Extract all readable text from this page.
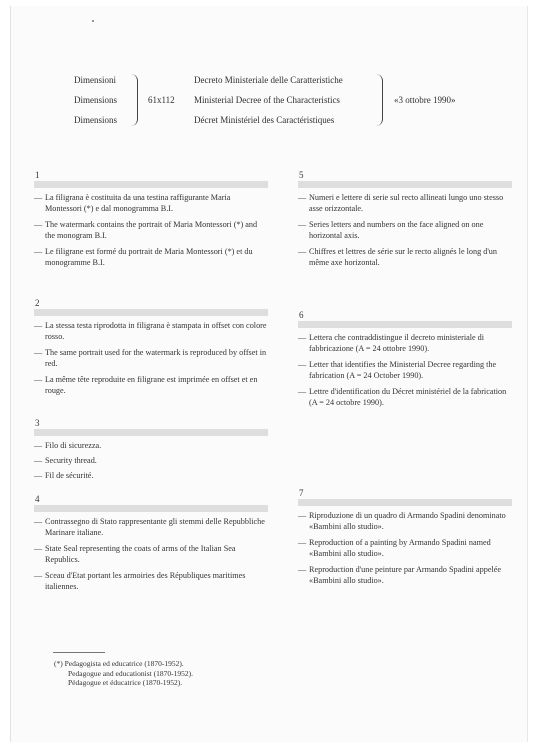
Dimensioni
Dimensions
Dimensions
61x112
Decreto Ministeriale delle Caratteristiche
Ministerial Decree of the Characteristics
Décret Ministériel des Caractéristiques
«3 ottobre 1990»
1
— La filigrana è costituita da una testina raffigurante Maria Montessori (*) e dal monogramma B.I.
— The watermark contains the portrait of Maria Montessori (*) and the monogram B.I.
— Le filigrane est formé du portrait de Maria Montessori (*) et du monogramme B.I.
2
— La stessa testa riprodotta in filigrana è stampata in offset con colore rosso.
— The same portrait used for the watermark is reproduced by offset in red.
— La même tête reproduite en filigrane est imprimée en offset et en rouge.
3
— Filo di sicurezza.
— Security thread.
— Fil de sécurité.
4
— Contrassegno di Stato rappresentante gli stemmi delle Repubbliche Marinare italiane.
— State Seal representing the coats of arms of the Italian Sea Republics.
— Sceau d'Etat portant les armoiries des Républiques maritimes italiennes.
5
— Numeri e lettere di serie sul recto allineati lungo uno stesso asse orizzontale.
— Series letters and numbers on the face aligned on one horizontal axis.
— Chiffres et lettres de série sur le recto alignés le long d'un même axe horizontal.
6
— Lettera che contraddistingue il decreto ministeriale di fabbricazione (A = 24 ottobre 1990).
— Letter that identifies the Ministerial Decree regarding the fabrication (A = 24 October 1990).
— Lettre d'identification du Décret ministériel de la fabrication (A = 24 octobre 1990).
7
— Riproduzione di un quadro di Armando Spadini denominato «Bambini allo studio».
— Reproduction of a painting by Armando Spadini named «Bambini allo studio».
— Reproduction d'une peinture par Armando Spadini appelée «Bambini allo studio».
(*) Pedagogista ed educatrice (1870-1952).
Pedagogue and educationist (1870-1952).
Pédagogue et éducatrice (1870-1952).
